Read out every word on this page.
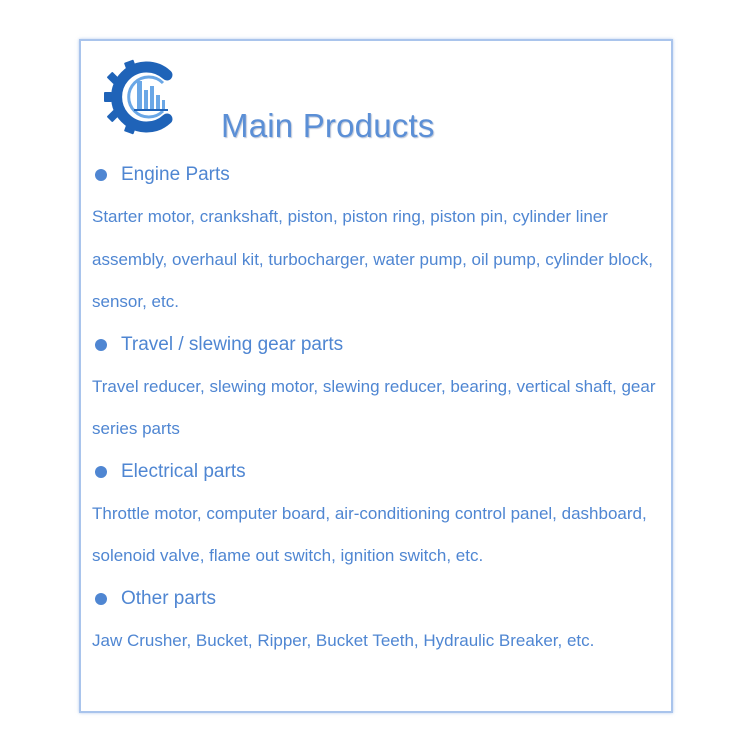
Main Products
Engine Parts

Starter motor, crankshaft, piston, piston ring, piston pin, cylinder liner assembly, overhaul kit, turbocharger, water pump, oil pump, cylinder block, sensor, etc.

Travel / slewing gear parts

Travel reducer, slewing motor, slewing reducer, bearing, vertical shaft, gear series parts

Electrical parts

Throttle motor, computer board, air-conditioning control panel, dashboard, solenoid valve, flame out switch, ignition switch, etc.

Other parts

Jaw Crusher, Bucket, Ripper, Bucket Teeth, Hydraulic Breaker, etc.
